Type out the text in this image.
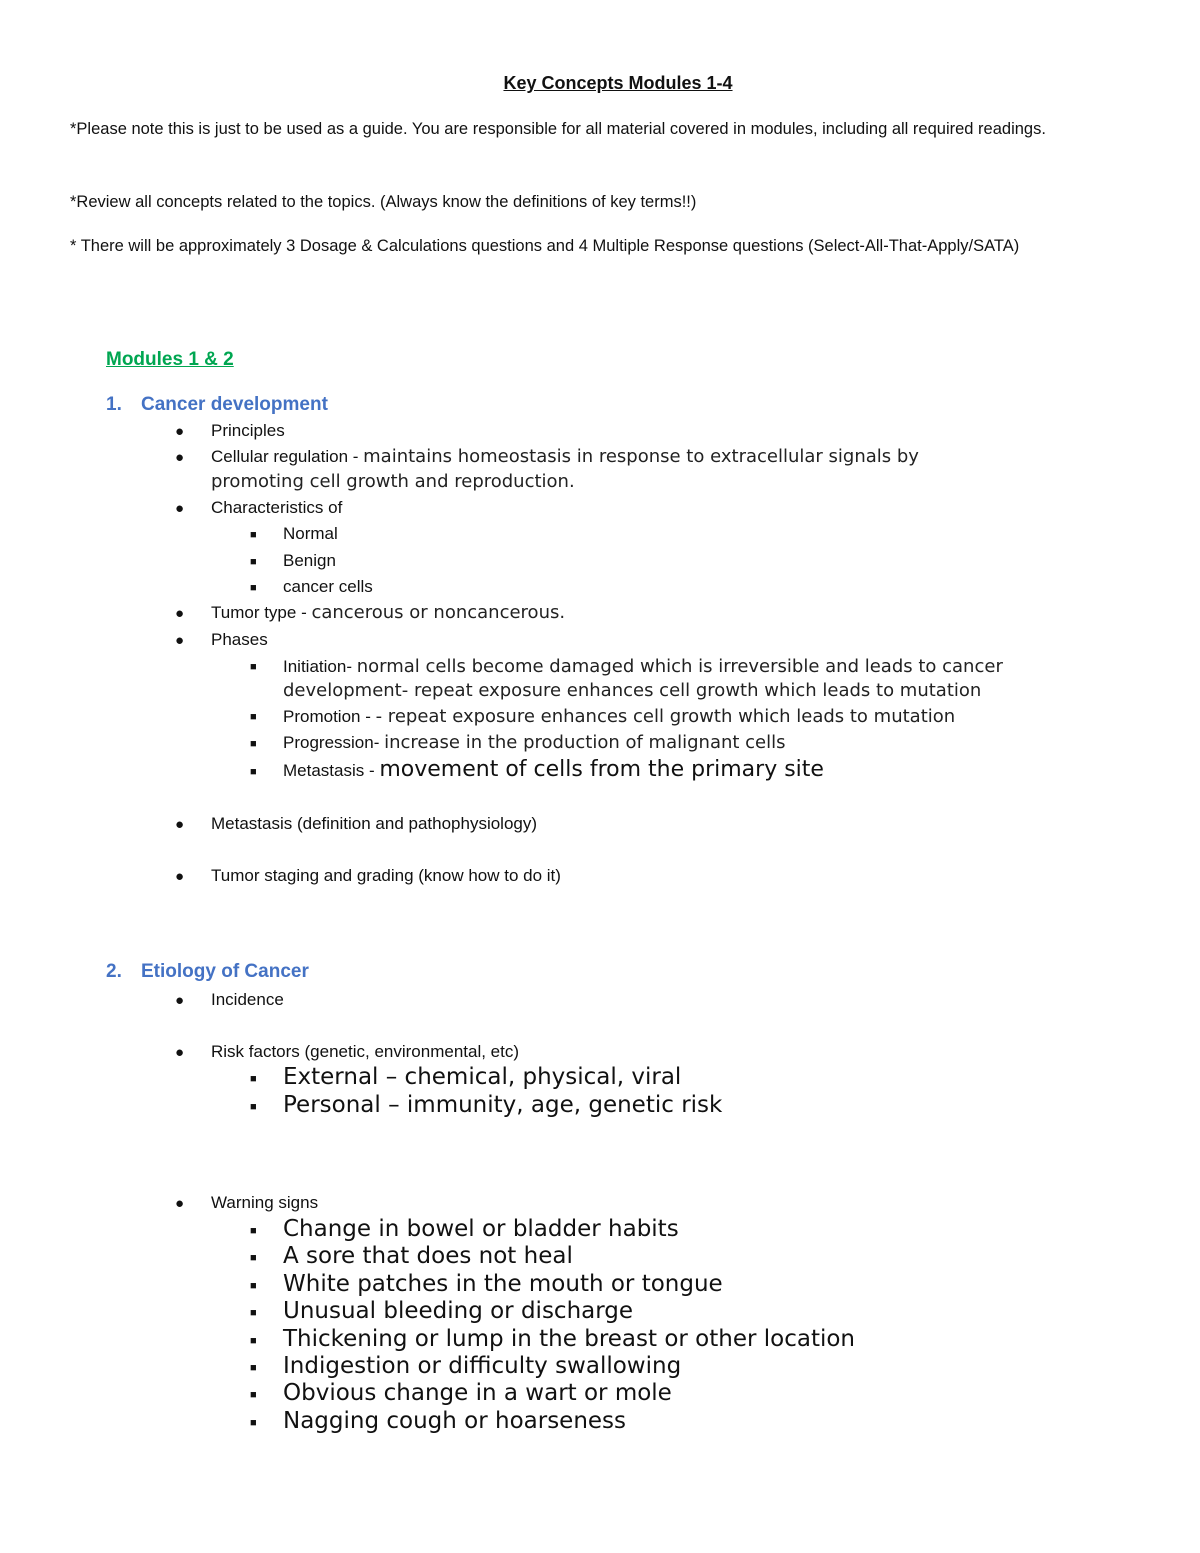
Key Concepts Modules 1-4
*Please note this is just to be used as a guide. You are responsible for all material covered in modules, including all required readings.
*Review all concepts related to the topics. (Always know the definitions of key terms!!)
* There will be approximately 3 Dosage & Calculations questions and 4 Multiple Response questions (Select-All-That-Apply/SATA)
Modules 1 & 2
1. Cancer development
● Principles
● Cellular regulation - maintains homeostasis in response to extracellular signals by
promoting cell growth and reproduction.
● Characteristics of
■ Normal
■ Benign
■ cancer cells
● Tumor type - cancerous or noncancerous.
● Phases
■ Initiation- normal cells become damaged which is irreversible and leads to cancer
development- repeat exposure enhances cell growth which leads to mutation
■ Promotion - - repeat exposure enhances cell growth which leads to mutation
■ Progression- increase in the production of malignant cells
■ Metastasis - movement of cells from the primary site
● Metastasis (definition and pathophysiology)
● Tumor staging and grading (know how to do it)
2. Etiology of Cancer
● Incidence
● Risk factors (genetic, environmental, etc)
■ External – chemical, physical, viral
■ Personal – immunity, age, genetic risk
● Warning signs
■ Change in bowel or bladder habits
■ A sore that does not heal
■ White patches in the mouth or tongue
■ Unusual bleeding or discharge
■ Thickening or lump in the breast or other location
■ Indigestion or difficulty swallowing
■ Obvious change in a wart or mole
■ Nagging cough or hoarseness
